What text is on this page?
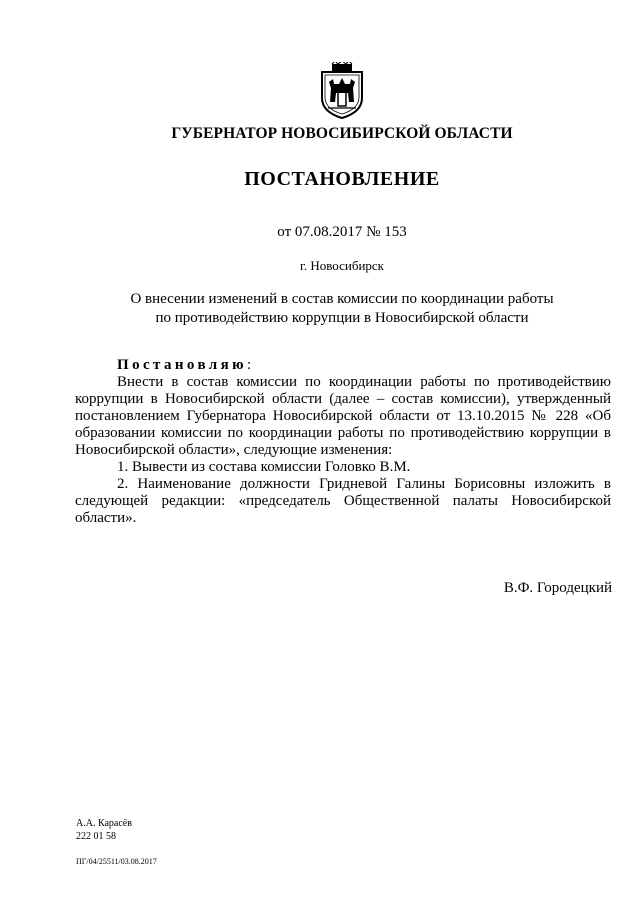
ГУБЕРНАТОР НОВОСИБИРСКОЙ ОБЛАСТИ
ПОСТАНОВЛЕНИЕ
от 07.08.2017 № 153
г. Новосибирск
О внесении изменений в состав комиссии по координации работы
по противодействию коррупции в Новосибирской области

Постановляю:

Внести в состав комиссии по координации работы по противодействию коррупции в Новосибирской области (далее – состав комиссии), утвержденный постановлением Губернатора Новосибирской области от 13.10.2015 № 228 «Об образовании комиссии по координации работы по противодействию коррупции в Новосибирской области», следующие изменения:

1. Вывести из состава комиссии Головко В.М.

2. Наименование должности Гридневой Галины Борисовны изложить в следующей редакции: «председатель Общественной палаты Новосибирской области».

В.Ф. Городецкий
А.А. Карасёв
222 01 58
ПГ/04/25511/03.08.2017
